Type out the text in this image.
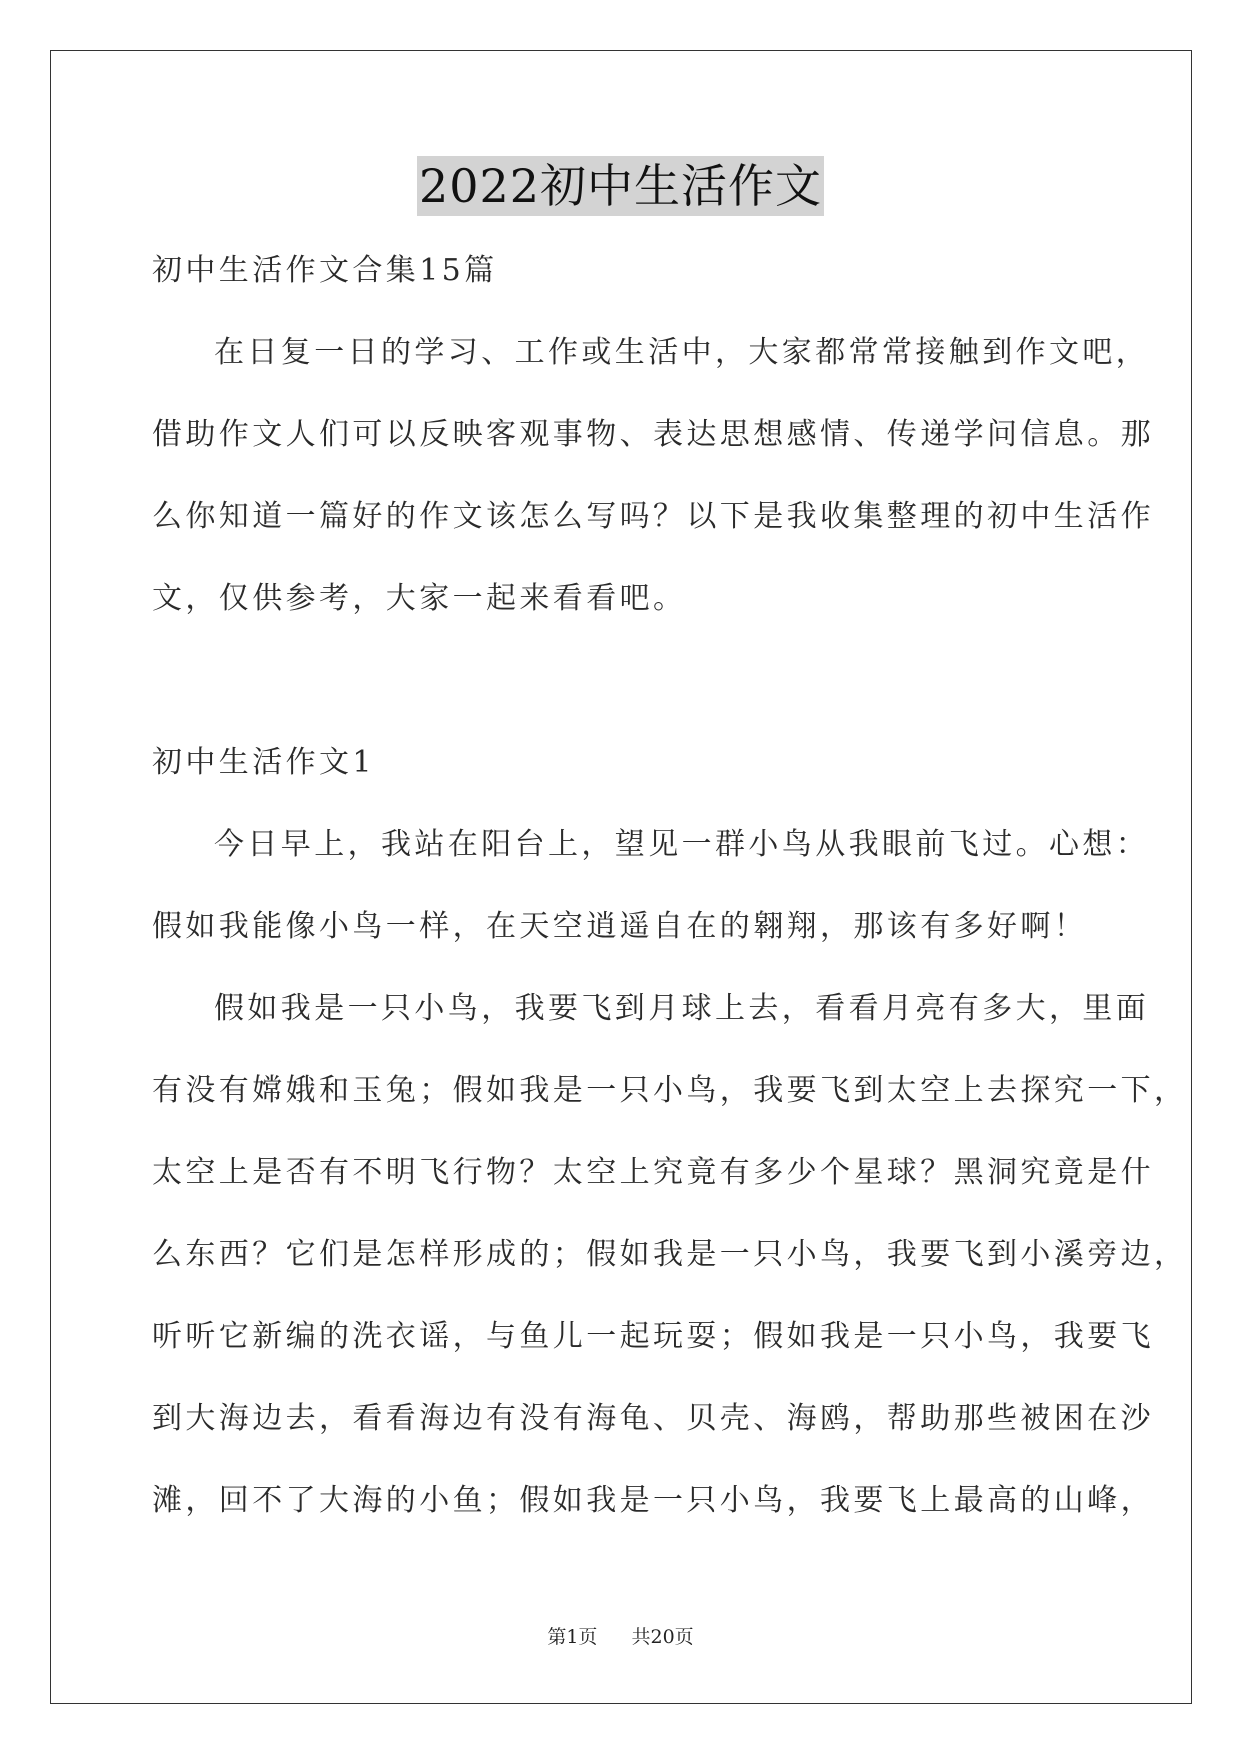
2022初中生活作文
初中生活作文合集15篇
在日复一日的学习、工作或生活中，大家都常常接触到作文吧，
借助作文人们可以反映客观事物、表达思想感情、传递学问信息。那
么你知道一篇好的作文该怎么写吗？以下是我收集整理的初中生活作
文，仅供参考，大家一起来看看吧。
初中生活作文1
今日早上，我站在阳台上，望见一群小鸟从我眼前飞过。心想：
假如我能像小鸟一样，在天空逍遥自在的翱翔，那该有多好啊！
假如我是一只小鸟，我要飞到月球上去，看看月亮有多大，里面
有没有嫦娥和玉兔；假如我是一只小鸟，我要飞到太空上去探究一下，
太空上是否有不明飞行物？太空上究竟有多少个星球？黑洞究竟是什
么东西？它们是怎样形成的；假如我是一只小鸟，我要飞到小溪旁边，
听听它新编的洗衣谣，与鱼儿一起玩耍；假如我是一只小鸟，我要飞
到大海边去，看看海边有没有海龟、贝壳、海鸥，帮助那些被困在沙
滩，回不了大海的小鱼；假如我是一只小鸟，我要飞上最高的山峰，
第1页 共20页
